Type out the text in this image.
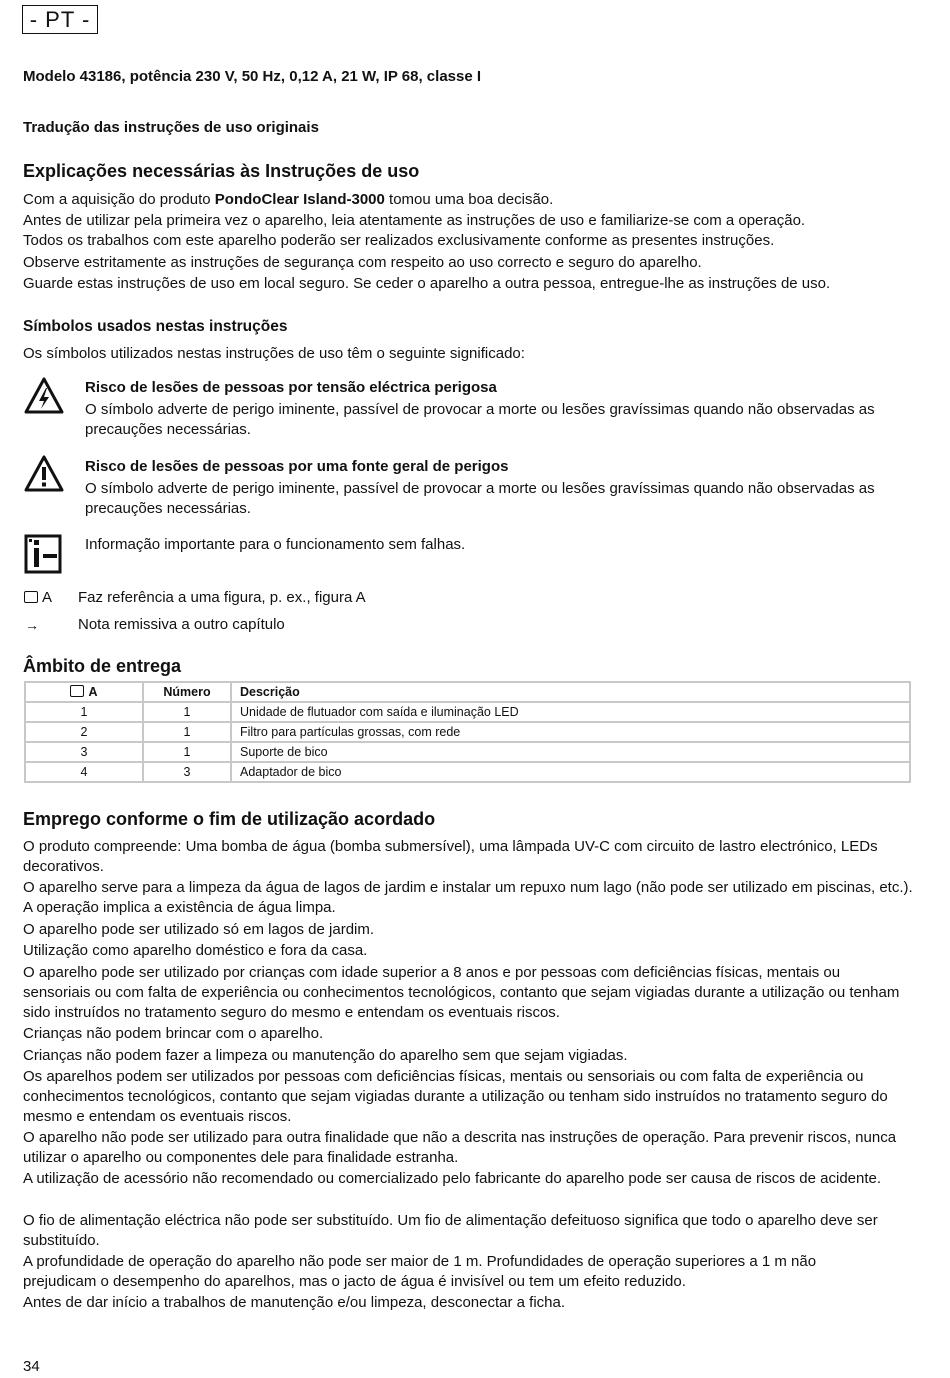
- PT -

Modelo 43186, potência 230 V, 50 Hz, 0,12 A, 21 W, IP 68, classe I

Tradução das instruções de uso originais

Explicações necessárias às Instruções de uso

Com a aquisição do produto PondoClear Island-3000 tomou uma boa decisão.

Antes de utilizar pela primeira vez o aparelho, leia atentamente as instruções de uso e familiarize-se com a operação.

Todos os trabalhos com este aparelho poderão ser realizados exclusivamente conforme as presentes instruções.

Observe estritamente as instruções de segurança com respeito ao uso correcto e seguro do aparelho.

Guarde estas instruções de uso em local seguro. Se ceder o aparelho a outra pessoa, entregue-lhe as instruções de uso.

Símbolos usados nestas instruções

Os símbolos utilizados nestas instruções de uso têm o seguinte significado:

Risco de lesões de pessoas por tensão eléctrica perigosa
O símbolo adverte de perigo iminente, passível de provocar a morte ou lesões gravíssimas quando não observadas as precauções necessárias.
Risco de lesões de pessoas por uma fonte geral de perigos
O símbolo adverte de perigo iminente, passível de provocar a morte ou lesões gravíssimas quando não observadas as precauções necessárias.
Informação importante para o funcionamento sem falhas.
A Faz referência a uma figura, p. ex., figura A
→	Nota remissiva a outro capítulo
Âmbito de entrega
A	Número	Descrição
1	1	Unidade de flutuador com saída e iluminação LED
2	1	Filtro para partículas grossas, com rede
3	1	Suporte de bico
4	3	Adaptador de bico
Emprego conforme o fim de utilização acordado

O produto compreende: Uma bomba de água (bomba submersível), uma lâmpada UV-C com circuito de lastro electrónico, LEDs decorativos.

O aparelho serve para a limpeza da água de lagos de jardim e instalar um repuxo num lago (não pode ser utilizado em piscinas, etc.). A operação implica a existência de água limpa.

O aparelho pode ser utilizado só em lagos de jardim.

Utilização como aparelho doméstico e fora da casa.

O aparelho pode ser utilizado por crianças com idade superior a 8 anos e por pessoas com deficiências físicas, mentais ou sensoriais ou com falta de experiência ou conhecimentos tecnológicos, contanto que sejam vigiadas durante a utilização ou tenham sido instruídos no tratamento seguro do mesmo e entendam os eventuais riscos.

Crianças não podem brincar com o aparelho.

Crianças não podem fazer a limpeza ou manutenção do aparelho sem que sejam vigiadas.

Os aparelhos podem ser utilizados por pessoas com deficiências físicas, mentais ou sensoriais ou com falta de experiência ou conhecimentos tecnológicos, contanto que sejam vigiadas durante a utilização ou tenham sido instruídos no tratamento seguro do mesmo e entendam os eventuais riscos.

O aparelho não pode ser utilizado para outra finalidade que não a descrita nas instruções de operação. Para prevenir riscos, nunca utilizar o aparelho ou componentes dele para finalidade estranha.

A utilização de acessório não recomendado ou comercializado pelo fabricante do aparelho pode ser causa de riscos de acidente.

O fio de alimentação eléctrica não pode ser substituído. Um fio de alimentação defeituoso significa que todo o aparelho deve ser substituído.

A profundidade de operação do aparelho não pode ser maior de 1 m. Profundidades de operação superiores a 1 m não prejudicam o desempenho do aparelhos, mas o jacto de água é invisível ou tem um efeito reduzido.

Antes de dar início a trabalhos de manutenção e/ou limpeza, desconectar a ficha.

34
